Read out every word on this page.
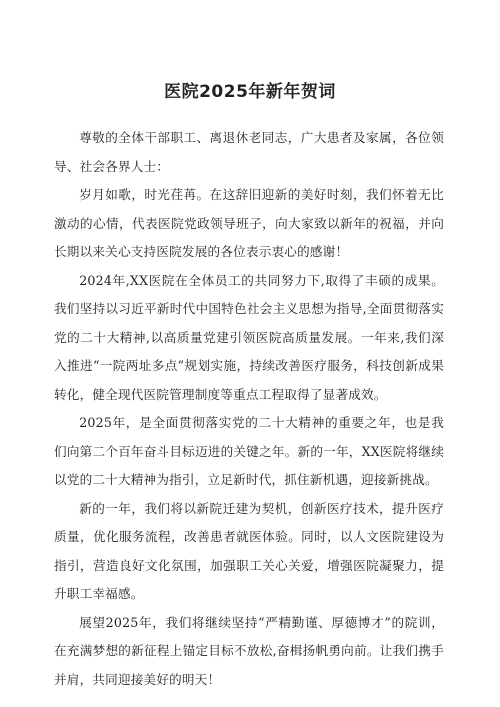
医院2025年新年贺词

尊敬的全体干部职工、离退休老同志，广大患者及家属，各位领导、社会各界人士：

岁月如歌，时光荏苒。在这辞旧迎新的美好时刻，我们怀着无比激动的心情，代表医院党政领导班子，向大家致以新年的祝福，并向长期以来关心支持医院发展的各位表示衷心的感谢！

2024年,XX医院在全体员工的共同努力下,取得了丰硕的成果。我们坚持以习近平新时代中国特色社会主义思想为指导,全面贯彻落实党的二十大精神,以高质量党建引领医院高质量发展。一年来,我们深入推进“一院两址多点”规划实施，持续改善医疗服务，科技创新成果转化，健全现代医院管理制度等重点工程取得了显著成效。

2025年，是全面贯彻落实党的二十大精神的重要之年，也是我们向第二个百年奋斗目标迈进的关键之年。新的一年，XX医院将继续以党的二十大精神为指引，立足新时代，抓住新机遇，迎接新挑战。

新的一年，我们将以新院迁建为契机，创新医疗技术，提升医疗质量，优化服务流程，改善患者就医体验。同时，以人文医院建设为指引，营造良好文化氛围，加强职工关心关爱，增强医院凝聚力，提升职工幸福感。

展望2025年，我们将继续坚持“严精勤谨、厚德博才”的院训，在充满梦想的新征程上锚定目标不放松,奋楫扬帆勇向前。让我们携手并肩，共同迎接美好的明天！
